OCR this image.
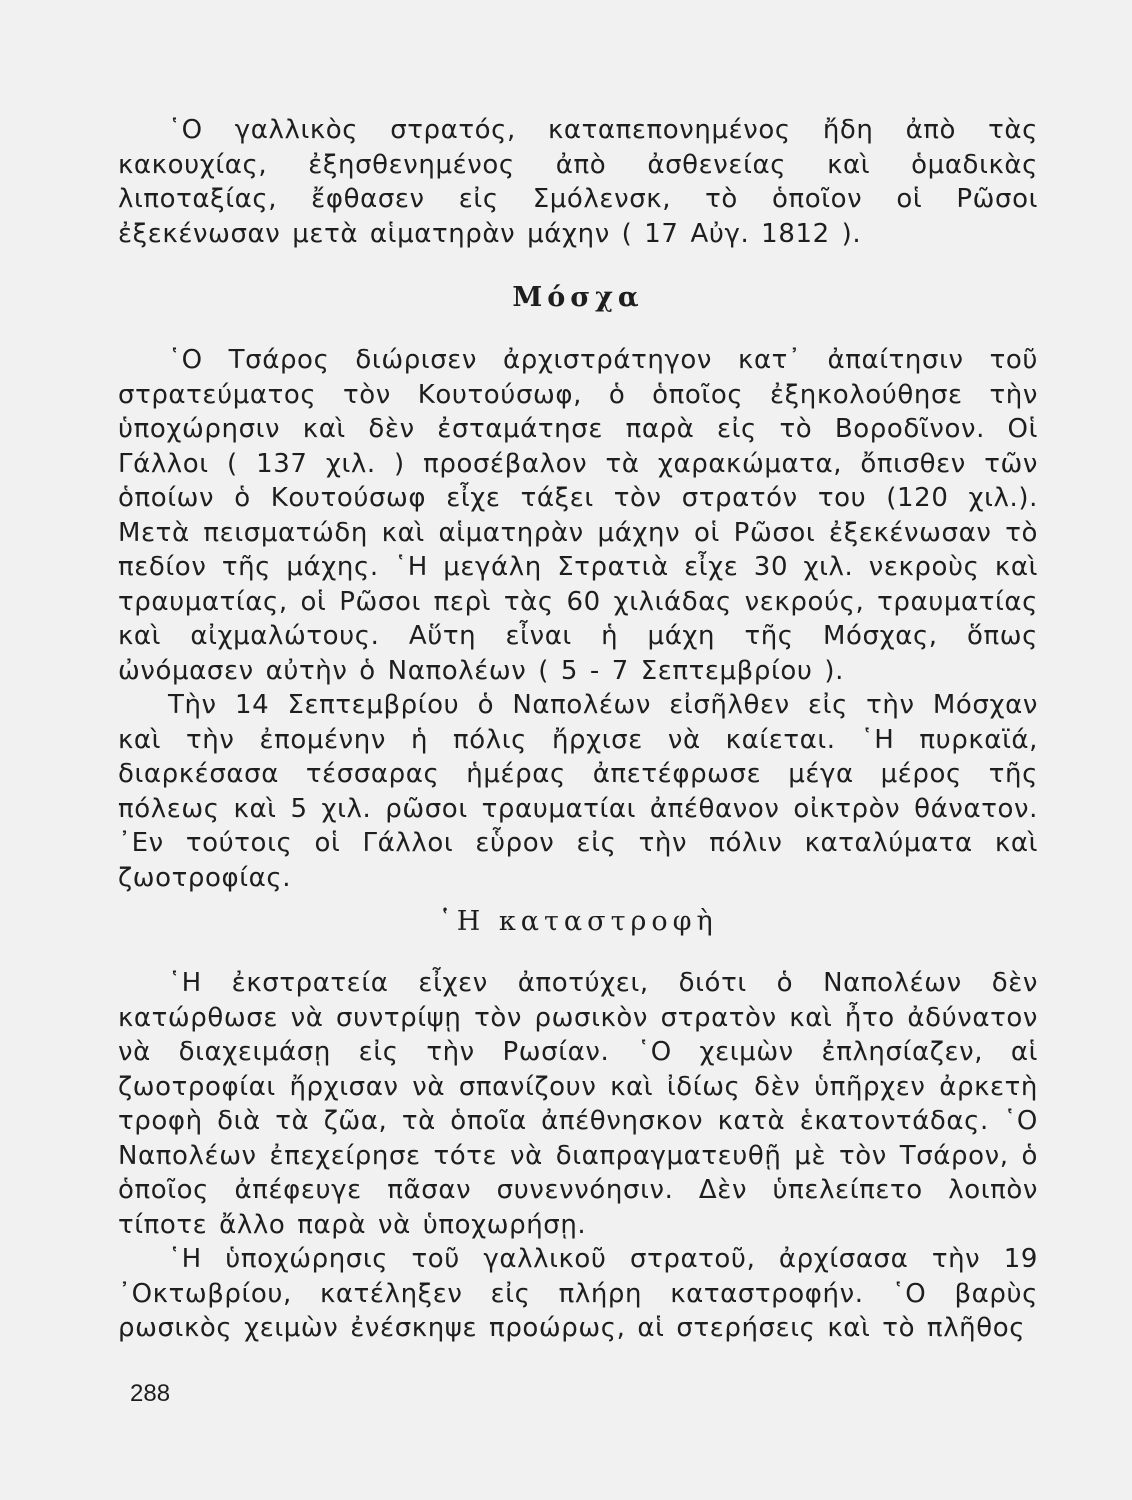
῾Ο γαλλικὸς στρατός, καταπεπονημένος ἤδη ἀπὸ τὰς κακουχίας, ἐξησθενημένος ἀπὸ ἀσθενείας καὶ ὁμαδικὰς λιποταξίας, ἔφθασεν εἰς Σμόλενσκ, τὸ ὁποῖον οἱ Ρῶσοι ἐξεκένωσαν μετὰ αἱματηρὰν μάχην ( 17 Αὐγ. 1812 ).

Μόσχα

῾Ο Τσάρος διώρισεν ἀρχιστράτηγον κατ᾽ ἀπαίτησιν τοῦ στρατεύματος τὸν Κουτούσωφ, ὁ ὁποῖος ἐξηκολούθησε τὴν ὑποχώρησιν καὶ δὲν ἐσταμάτησε παρὰ εἰς τὸ Βοροδῖνον. Οἱ Γάλλοι ( 137 χιλ. ) προσέβαλον τὰ χαρακώματα, ὄπισθεν τῶν ὁποίων ὁ Κουτούσωφ εἶχε τάξει τὸν στρατόν του (120 χιλ.). Μετὰ πεισματώδη καὶ αἱματηρὰν μάχην οἱ Ρῶσοι ἐξεκένωσαν τὸ πεδίον τῆς μάχης. ῾Η μεγάλη Στρατιὰ εἶχε 30 χιλ. νεκροὺς καὶ τραυματίας, οἱ Ρῶσοι περὶ τὰς 60 χιλιάδας νεκρούς, τραυματίας καὶ αἰχμαλώτους. Αὕτη εἶναι ἡ μάχη τῆς Μόσχας, ὅπως ὠνόμασεν αὐτὴν ὁ Ναπολέων ( 5 - 7 Σεπτεμβρίου ).

Τὴν 14 Σεπτεμβρίου ὁ Ναπολέων εἰσῆλθεν εἰς τὴν Μόσχαν καὶ τὴν ἐπομένην ἡ πόλις ἤρχισε νὰ καίεται. ῾Η πυρκαϊά, διαρκέσασα τέσσαρας ἡμέρας ἀπετέφρωσε μέγα μέρος τῆς πόλεως καὶ 5 χιλ. ρῶσοι τραυματίαι ἀπέθανον οἰκτρὸν θάνατον. ᾿Εν τούτοις οἱ Γάλλοι εὗρον εἰς τὴν πόλιν καταλύματα καὶ ζωοτροφίας.

῾Η καταστροφὴ

῾Η ἐκστρατεία εἶχεν ἀποτύχει, διότι ὁ Ναπολέων δὲν κατώρθωσε νὰ συντρίψῃ τὸν ρωσικὸν στρατὸν καὶ ἦτο ἀδύνατον νὰ διαχειμάσῃ εἰς τὴν Ρωσίαν. ῾Ο χειμὼν ἐπλησίαζεν, αἱ ζωοτροφίαι ἤρχισαν νὰ σπανίζουν καὶ ἰδίως δὲν ὑπῆρχεν ἀρκετὴ τροφὴ διὰ τὰ ζῶα, τὰ ὁποῖα ἀπέθνησκον κατὰ ἑκατοντάδας. ῾Ο Ναπολέων ἐπεχείρησε τότε νὰ διαπραγματευθῇ μὲ τὸν Τσάρον, ὁ ὁποῖος ἀπέφευγε πᾶσαν συνεννόησιν. Δὲν ὑπελείπετο λοιπὸν τίποτε ἄλλο παρὰ νὰ ὑποχωρήσῃ.

῾Η ὑποχώρησις τοῦ γαλλικοῦ στρατοῦ, ἀρχίσασα τὴν 19 ᾿Οκτωβρίου, κατέληξεν εἰς πλήρη καταστροφήν. ῾Ο βαρὺς ρωσικὸς χειμὼν ἐνέσκηψε προώρως, αἱ στερήσεις καὶ τὸ πλῆθος

288
